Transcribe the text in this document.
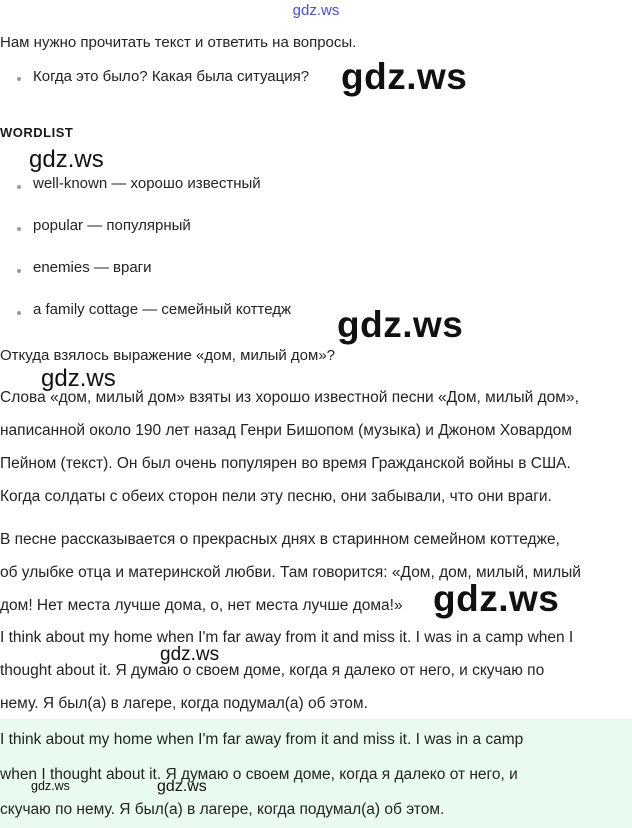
gdz.ws
Нам нужно прочитать текст и ответить на вопросы.
Когда это было? Какая была ситуация?
WORDLIST
well-known — хорошо известный
popular — популярный
enemies — враги
a family cottage — семейный коттедж
Откуда взялось выражение «дом, милый дом»?
Слова «дом, милый дом» взяты из хорошо известной песни «Дом, милый дом»,
написанной около 190 лет назад Генри Бишопом (музыка) и Джоном Ховардом
Пейном (текст). Он был очень популярен во время Гражданской войны в США.
Когда солдаты с обеих сторон пели эту песню, они забывали, что они враги.
В песне рассказывается о прекрасных днях в старинном семейном коттедже,
об улыбке отца и материнской любви. Там говорится: «Дом, дом, милый, милый
дом! Нет места лучше дома, о, нет места лучше дома!»
I think about my home when I'm far away from it and miss it. I was in a camp when I
thought about it. Я думаю о своем доме, когда я далеко от него, и скучаю по
нему. Я был(а) в лагере, когда подумал(а) об этом.
I think about my home when I'm far away from it and miss it. I was in a camp
when I thought about it. Я думаю о своем доме, когда я далеко от него, и
скучаю по нему. Я был(а) в лагере, когда подумал(а) об этом.
gdz.ws
gdz.ws
gdz.ws
gdz.ws
gdz.ws
gdz.ws
gdz.ws	gdz.ws
